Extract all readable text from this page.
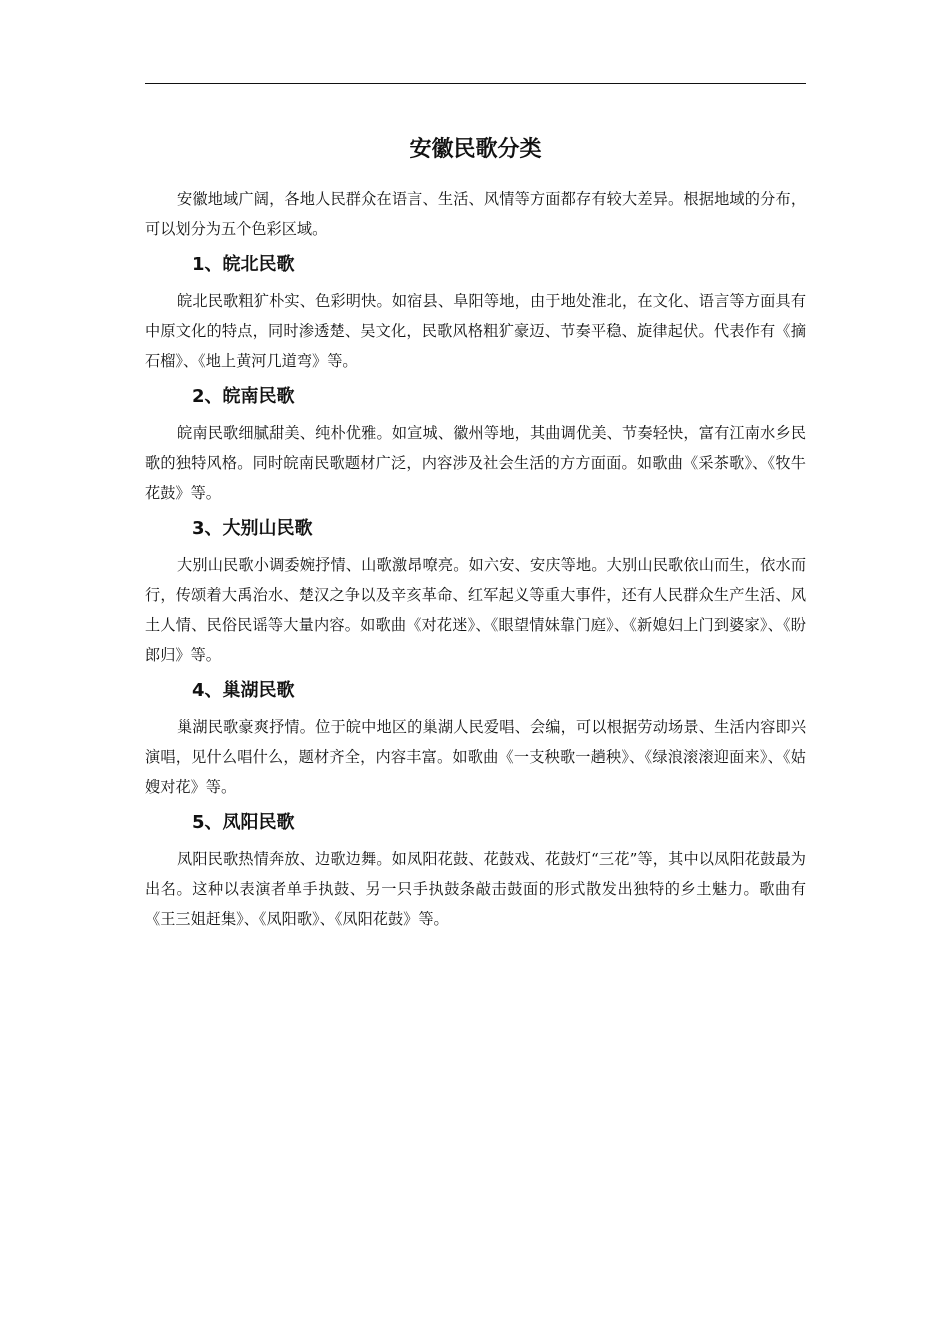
安徽民歌分类

安徽地域广阔，各地人民群众在语言、生活、风情等方面都存有较大差异。根据地域的分布，可以划分为五个色彩区域。

1、皖北民歌

皖北民歌粗犷朴实、色彩明快。如宿县、阜阳等地，由于地处淮北，在文化、语言等方面具有中原文化的特点，同时渗透楚、吴文化，民歌风格粗犷豪迈、节奏平稳、旋律起伏。代表作有《摘石榴》、《地上黄河几道弯》等。

2、皖南民歌

皖南民歌细腻甜美、纯朴优雅。如宣城、徽州等地，其曲调优美、节奏轻快，富有江南水乡民歌的独特风格。同时皖南民歌题材广泛，内容涉及社会生活的方方面面。如歌曲《采茶歌》、《牧牛花鼓》等。

3、大别山民歌

大别山民歌小调委婉抒情、山歌激昂嘹亮。如六安、安庆等地。大别山民歌依山而生，依水而行，传颂着大禹治水、楚汉之争以及辛亥革命、红军起义等重大事件，还有人民群众生产生活、风土人情、民俗民谣等大量内容。如歌曲《对花迷》、《眼望情妹靠门庭》、《新媳妇上门到婆家》、《盼郎归》等。

4、巢湖民歌

巢湖民歌豪爽抒情。位于皖中地区的巢湖人民爱唱、会编，可以根据劳动场景、生活内容即兴演唱，见什么唱什么，题材齐全，内容丰富。如歌曲《一支秧歌一趟秧》、《绿浪滚滚迎面来》、《姑嫂对花》等。

5、凤阳民歌

凤阳民歌热情奔放、边歌边舞。如凤阳花鼓、花鼓戏、花鼓灯“三花”等，其中以凤阳花鼓最为出名。这种以表演者单手执鼓、另一只手执鼓条敲击鼓面的形式散发出独特的乡土魅力。歌曲有《王三姐赶集》、《凤阳歌》、《凤阳花鼓》等。
